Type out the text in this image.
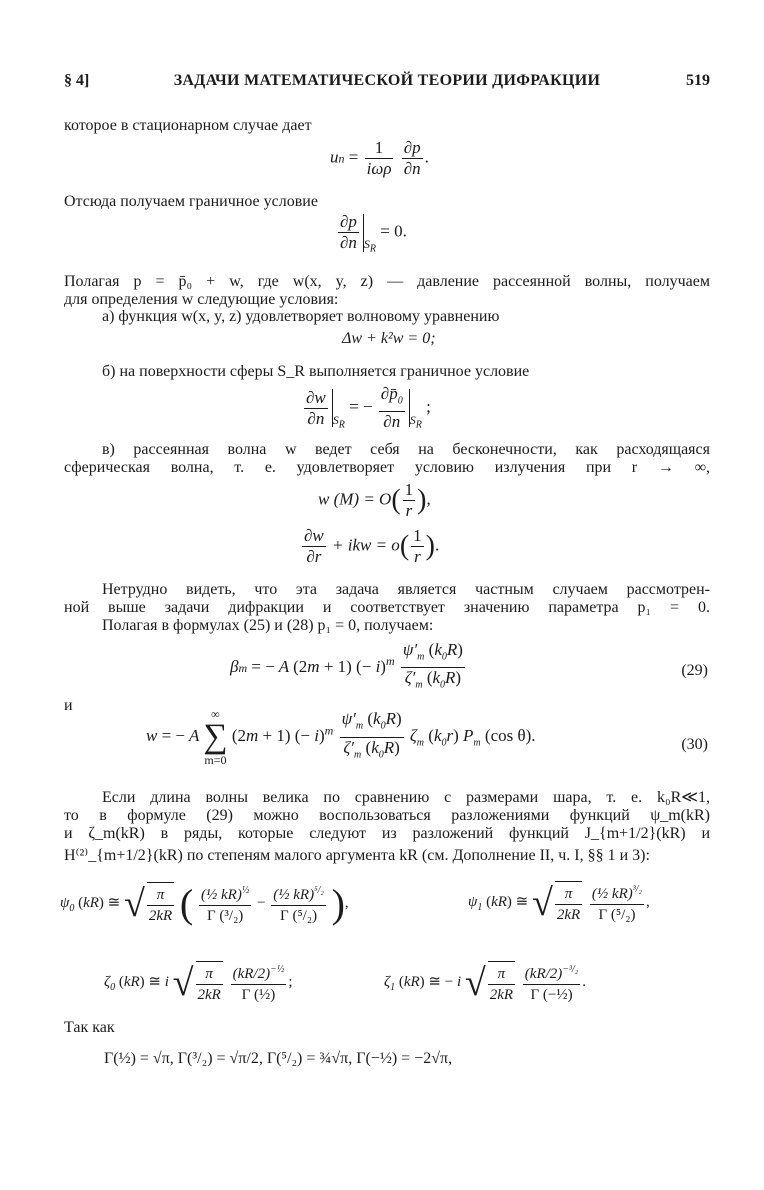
§ 4]	ЗАДАЧИ МАТЕМАТИЧЕСКОЙ ТЕОРИИ ДИФРАКЦИИ	519
которое в стационарном случае дает
un = $\frac{1}{\text{iωρ}}$
$\frac{\partial p}{\partial n}$ .
Отсюда получаем граничное условие
$\frac{\partial p}{\partial n} _{S_R} = 0$.
Полагая p = p̄₀ + w, где w(x, y, z) — давление рассеянной волны, получаем
для определения w следующие условия:
а) функция w(x, y, z) удовлетворяет волновому уравнению
Δw + k²w = 0;
б) на поверхности сферы S_R выполняется граничное условие
$\frac{\partial w}{\partial n} _{S_R}$ = − $\frac{\partial p̄_0}{\partial n} _{S_R}$ ;
в) рассеянная волна w ведет себя на бесконечности, как расходящаяся
сферическая волна, т. е. удовлетворяет условию излучения при r → ∞,
w $(M) = O( \frac{1}{r}$ ),
$\frac{\partial w}{\partial r}$ + ikw = $o( \frac{1}{r}$ ).
Нетрудно видеть, что эта задача является частным случаем рассмотрен-
ной выше задачи дифракции и соответствует значению параметра p₁ = 0.
Полагая в формулах (25) и (28) p₁ = 0, получаем:
βm = − A (2m + 1) (− $i)^m \frac{\psi'_m (k_0R)}{\zeta'_m (k_0R)}$	(29)
и
w = − A
∞
∑
m=0
(2m + 1) (− $i)^m \frac{\psi'_m (k_0R)}{\zeta'_m (k_0R)} \zeta_m$ $(k_0r)$ $P_m$ (cos θ).	(30)
Если длина волны велика по сравнению с размерами шара, т. е. k₀R≪1,
то в формуле (29) можно воспользоваться разложениями функций ψ_m(kR)
и ζ_m(kR) в ряды, которые следуют из разложений функций J_{m+1/2}(kR) и
H⁽²⁾_{m+1/2}(kR) по степеням малого аргумента kR (см. Дополнение II, ч. I, §§ 1 и 3):
$\psi_0$ (kR) ≅ √ $\frac{\pi}{2kR}$ ( $\frac{(\frac{1}{2} kR)^{\frac{1}{2}}}{\text{Γ (³/₂)}} - \frac{(\frac{1}{2} kR)^{^5/_2}}{\text{Γ (⁵/₂)}}$ ),	$\psi_1$ (kR) ≅ √ $\frac{\pi}{2kR}$
$\frac{(\frac{1}{2} kR)^{^3/_2}}{\text{Γ (⁵/₂)}}$ ,
$\zeta_0$ (kR) ≅ i √ $\frac{\pi}{2kR}$
$\frac{(kR/2)^{-\frac{1}{2}}}{\text{Γ (½)}}$ ;	$\zeta_1$ (kR) ≅ − i √ $\frac{\pi}{2kR}$
$\frac{(kR/2)^{-^3/_2}}{\text{Γ (−½)}}$ .
Так как
Γ(½) = √π, Γ(³/₂) = √π/2, Γ(⁵/₂) = ¾√π, Γ(−½) = −2√π,
